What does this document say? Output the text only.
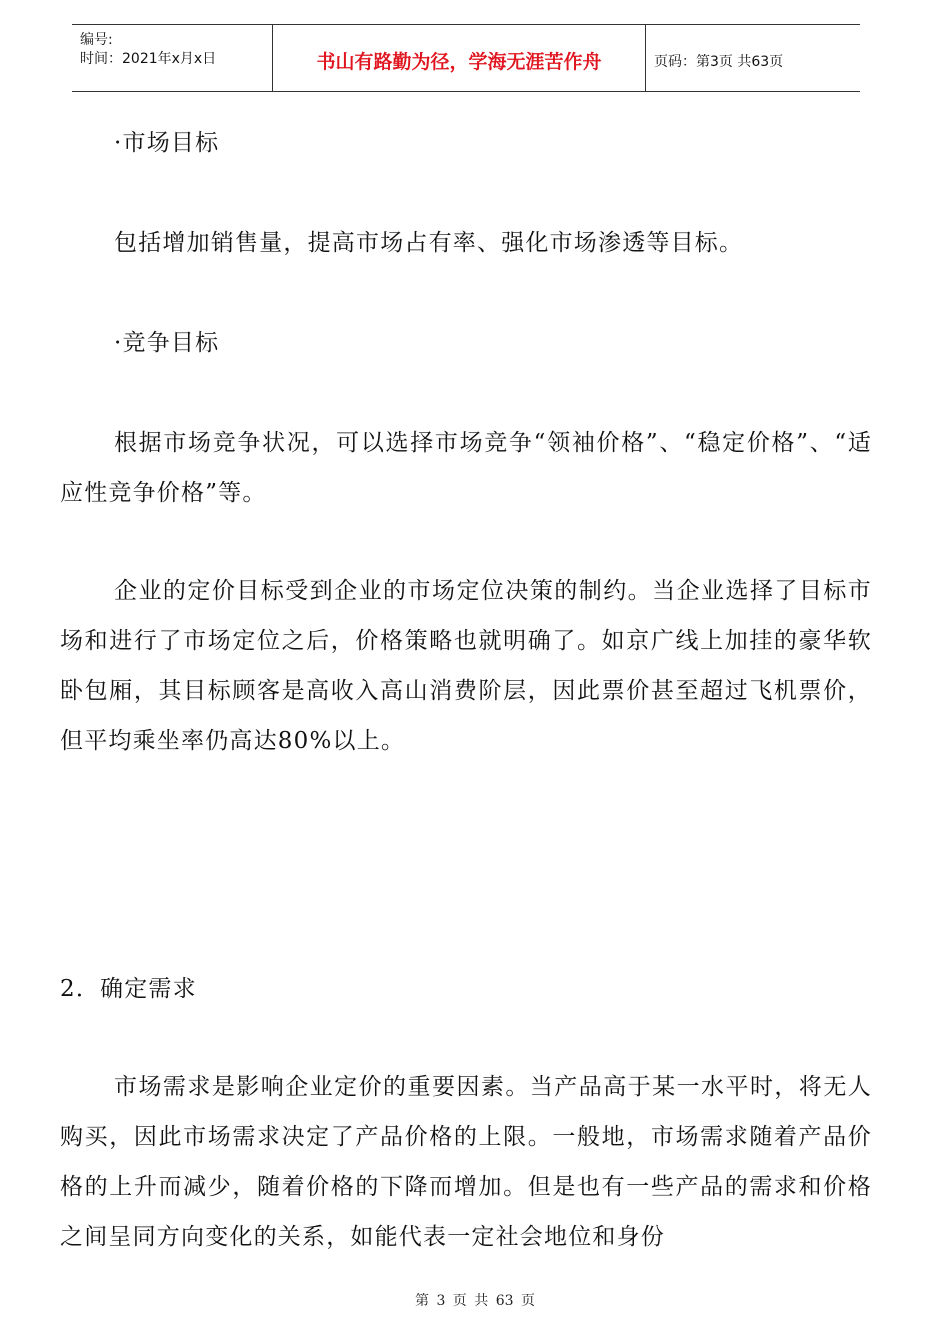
编号:
时间：2021年x月x日	书山有路勤为径，学海无涯苦作舟	页码：第3页 共63页

·市场目标

包括增加销售量，提高市场占有率、强化市场渗透等目标。

·竞争目标

根据市场竞争状况，可以选择市场竞争“领袖价格”、“稳定价格”、“适应性竞争价格”等。

企业的定价目标受到企业的市场定位决策的制约。当企业选择了目标市场和进行了市场定位之后，价格策略也就明确了。如京广线上加挂的豪华软卧包厢，其目标顾客是高收入高山消费阶层，因此票价甚至超过飞机票价，但平均乘坐率仍高达80%以上。

2．确定需求

市场需求是影响企业定价的重要因素。当产品高于某一水平时，将无人购买，因此市场需求决定了产品价格的上限。一般地，市场需求随着产品价格的上升而减少，随着价格的下降而增加。但是也有一些产品的需求和价格之间呈同方向变化的关系，如能代表一定社会地位和身份

第 3 页 共 63 页
